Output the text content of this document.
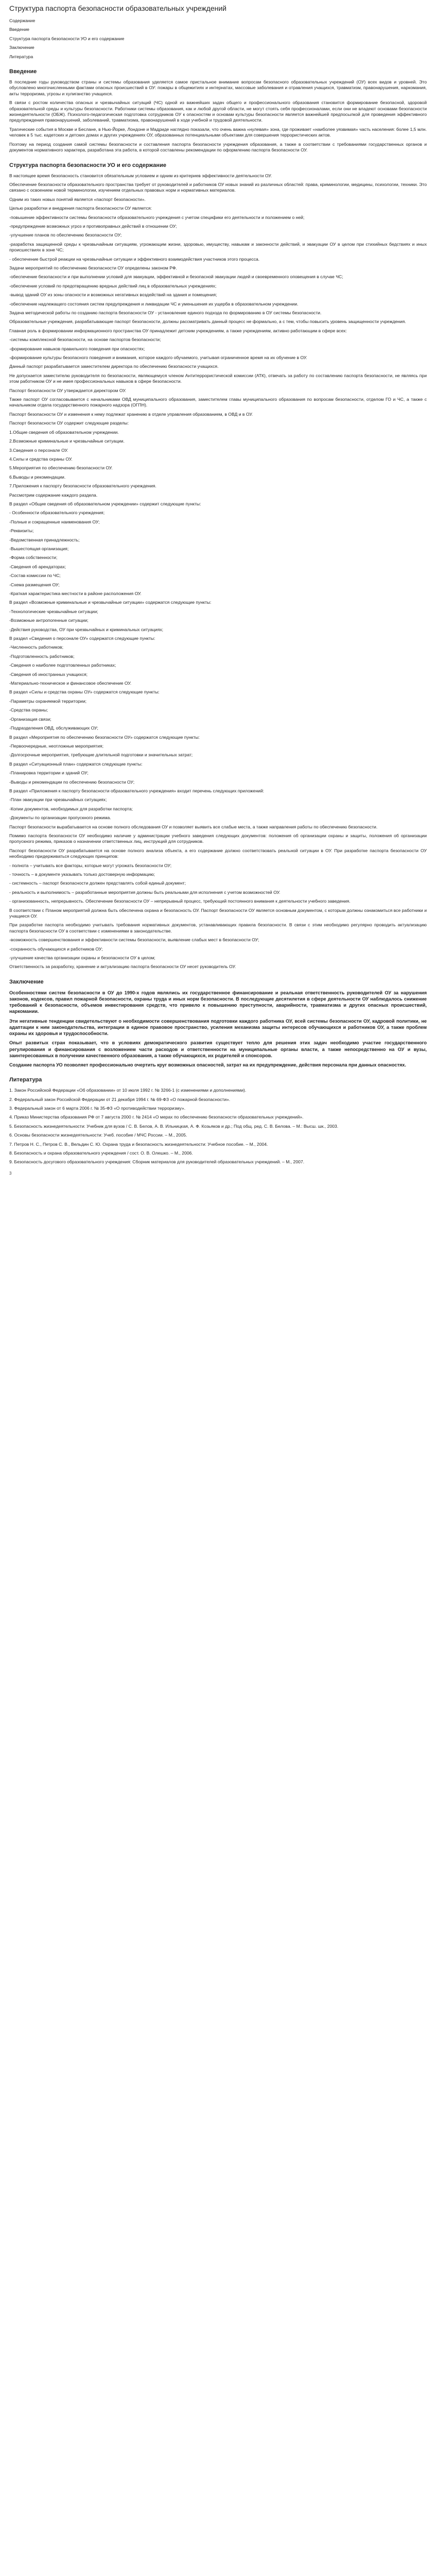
Структура паспорта безопасности образовательных учреждений

Содержание

Введение

Структура паспорта безопасности УО и его содержание

Заключение

Литература

Введение

В последние годы руководством страны и системы образования уделяется самое пристальное внимание вопросам безопасного образовательных учреждений (ОУ) всех видов и уровней. Это обусловлено многочисленными фактами опасных происшествий в ОУ: пожары в общежитиях и интернатах, массовые заболевания и отравления учащихся, травматизм, правонарушения, наркомания, акты терроризма, угрозы и хулиганство учащихся.

В связи с ростом количества опасных и чрезвычайных ситуаций (ЧС) одной из важнейших задач общего и профессионального образования становится формирование безопасной, здоровой образовательной среды и культуры безопасности. Работники системы образования, как и любой другой области, не могут стоять себя профессионалами, если они не владеют основами безопасности жизнедеятельности (ОБЖ). Психолого-педагогическая подготовка сотрудников ОУ к опасностям и основам культуры безопасности является важнейшей предпосылкой для проведения эффективного предупреждения правонарушений, заболеваний, травматизма, правонарушений в ходе учебной и трудовой деятельности.

Трагические события в Москве и Беслане, в Нью-Йорке, Лондоне и Мадриде наглядно показали, что очень важна «нулевая» зона, где проживает «наиболее уязвимая» часть населения: более 1,5 млн. человек в 5 тыс. кадетских и детских домах и других учреждениях ОУ, образованных потенциальными объектами для совершения террористических актов.

Поэтому на период создания самой системы безопасности и составления паспорта безопасности учреждения образования, а также в соответствии с требованиями государственных органов и документов нормативного характера, разработана эта работа, в которой составлены рекомендации по оформлению паспорта безопасности ОУ.

Структура паспорта безопасности УО и его содержание

В настоящее время безопасность становится обязательным условием и одним из критериев эффективности деятельности ОУ.

Обеспечение безопасности образовательного пространства требует от руководителей и работников ОУ новых знаний из различных областей: права, криминологии, медицины, психологии, техники. Это связано с освоением новой терминологии, изучением отдельных правовых норм и нормативных материалов.

Одним из таких новых понятий является «паспорт безопасности».

Целью разработки и внедрения паспорта безопасности ОУ является:

-повышение эффективности системы безопасности образовательного учреждения с учетом специфики его деятельности и положением о ней;

-предупреждение возможных угроз и противоправных действий в отношении ОУ;

-улучшение планов по обеспечению безопасности ОУ;

-разработка защищенной среды к чрезвычайным ситуациям, угрожающим жизни, здоровью, имуществу, навыкам и законности действий, и эвакуации ОУ в целом при стихийных бедствиях и иных происшествиях в зоне ЧС;

- обеспечение быстрой реакции на чрезвычайные ситуации и эффективного взаимодействия участников этого процесса.

Задачи мероприятий по обеспечению безопасности ОУ определены законом РФ.

-обеспечение безопасности и при выполнении условий для эвакуации, эффективной и безопасной эвакуации людей и своевременного оповещения в случае ЧС;

-обеспечение условий по предотвращению вредных действий лиц в образовательных учреждениях;

-вывод зданий ОУ из зоны опасности и возможных негативных воздействий на здания и помещения;

-обеспечение надлежащего состояния систем предупреждения и ликвидации ЧС и уменьшения их ущерба в образовательном учреждении.

Задача методической работы по созданию паспорта безопасности ОУ - установление единого подхода по формированию в ОУ системы безопасности.

Образовательные учреждения, разрабатывающие паспорт безопасности, должны рассматривать данный процесс не формально, а с тем, чтобы повысить уровень защищенности учреждения.

Главная роль в формировании информационного пространства ОУ принадлежит детским учреждениям, а также учреждениям, активно работающим в сфере всех:

-системы комплексной безопасности, на основе паспортов безопасности;

-формирование навыков правильного поведения при опасностях;

-формирование культуры безопасного поведения и внимания, которое каждого обучаемого, учитывая ограниченное время на их обучение в ОУ.

Данный паспорт разрабатывается заместителем директора по обеспечению безопасности учащихся.

Не допускается заместителю руководителя по безопасности, являющемуся членом Антитеррористической комиссии (АТК), отвечать за работу по составлению паспорта безопасности, не являясь при этом работником ОУ и не имея профессиональных навыков в сфере безопасности.

Паспорт безопасности ОУ утверждается директором ОУ.

Также паспорт ОУ согласовывается с начальниками ОВД муниципального образования, заместителем главы муниципального образования по вопросам безопасности, отделом ГО и ЧС, а также с начальником отдела государственного пожарного надзора (ОГПН).

Паспорт безопасности ОУ и изменения к нему подлежат хранению в отделе управления образованием, в ОВД и в ОУ.

Паспорт безопасности ОУ содержит следующие разделы:

1.Общие сведения об образовательном учреждении.

2.Возможные криминальные и чрезвычайные ситуации.

3.Сведения о персонале ОУ.

4.Силы и средства охраны ОУ.

5.Мероприятия по обеспечению безопасности ОУ.

6.Выводы и рекомендации.

7.Приложения к паспорту безопасности образовательного учреждения.

Рассмотрим содержание каждого раздела.

В раздел «Общие сведения об образовательном учреждении» содержит следующие пункты:

- Особенности образовательного учреждения;

-Полные и сокращенные наименования ОУ;

-Реквизиты;

-Ведомственная принадлежность;

-Вышестоящая организация;

-Форма собственности;

-Сведения об арендаторах;

-Состав комиссии по ЧС;

-Схема размещения ОУ;

-Краткая характеристика местности в районе расположения ОУ.

В раздел «Возможные криминальные и чрезвычайные ситуации» содержатся следующие пункты:

-Технологические чрезвычайные ситуации;

-Возможные антропогенные ситуации;

-Действия руководства, ОУ при чрезвычайных и криминальных ситуациях;

В раздел «Сведения о персонале ОУ» содержатся следующие пункты:

-Численность работников;

-Подготовленность работников;

-Сведения о наиболее подготовленных работниках;

-Сведения об иностранных учащихся;

-Материально-техническое и финансовое обеспечение ОУ.

В раздел «Силы и средства охраны ОУ» содержатся следующие пункты:

-Параметры охраняемой территории;

-Средства охраны;

-Организация связи;

-Подразделения ОВД, обслуживающих ОУ;

В раздел «Мероприятия по обеспечению безопасности ОУ» содержатся следующие пункты:

-Первоочередные, неотложные мероприятия;

-Долгосрочные мероприятия, требующие длительной подготовки и значительных затрат;

В раздел «Ситуационный план» содержатся следующие пункты:

-Планировка территории и зданий ОУ;

-Выводы и рекомендации по обеспечению безопасности ОУ;

В раздел «Приложения к паспорту безопасности образовательного учреждения» входит перечень следующих приложений:

-План эвакуации при чрезвычайных ситуациях;

-Копии документов, необходимых для разработки паспорта;

-Документы по организации пропускного режима.

Паспорт безопасности вырабатывается на основе полного обследования ОУ и позволяет выявить все слабые места, а также направления работы по обеспечению безопасности.

Помимо паспорта безопасности ОУ необходимо наличие у администрации учебного заведения следующих документов: положения об организации охраны и защиты, положения об организации пропускного режима, приказов о назначении ответственных лиц, инструкций для сотрудников.

Паспорт безопасности ОУ разрабатывается на основе полного анализа объекта, а его содержание должно соответствовать реальной ситуации в ОУ. При разработке паспорта безопасности ОУ необходимо придерживаться следующих принципов:

- полнота – учитывать все факторы, которые могут угрожать безопасности ОУ;

- точность – в документе указывать только достоверную информацию;

- системность – паспорт безопасности должен представлять собой единый документ;

- реальность и выполнимость – разработанные мероприятия должны быть реальными для исполнения с учетом возможностей ОУ.

- организованность, непрерывность. Обеспечение безопасности ОУ – непрерывный процесс, требующий постоянного внимания к деятельности учебного заведения.

В соответствии с Планом мероприятий должна быть обеспечена охрана и безопасность ОУ. Паспорт безопасности ОУ является основным документом, с которым должны ознакомиться все работники и учащиеся ОУ.

При разработке паспорта необходимо учитывать требования нормативных документов, устанавливающих правила безопасности. В связи с этим необходимо регулярно проводить актуализацию паспорта безопасности ОУ в соответствии с изменениями в законодательстве.

-возможность совершенствования и эффективности системы безопасности, выявление слабых мест в безопасности ОУ;

-сохранность обучающихся и работников ОУ;

-улучшение качества организации охраны и безопасности ОУ в целом;

Ответственность за разработку, хранение и актуализацию паспорта безопасности ОУ несет руководитель ОУ.

Заключение

Особенностями систем безопасности в ОУ до 1990-х годов являлись их государственное финансирование и реальная ответственность руководителей ОУ за нарушения законов, кодексов, правил пожарной безопасности, охраны труда и иных норм безопасности. В последующие десятилетия в сфере деятельности ОУ наблюдалось снижение требований к безопасности, объемов инвестирования средств, что привело к повышению преступности, аварийности, травматизма и других опасных происшествий, наркомании.

Эти негативные тенденции свидетельствуют о необходимости совершенствования подготовки каждого работника ОУ, всей системы безопасности ОУ, кадровой политики, не адаптации к ним законодательства, интеграции в единое правовое пространство, усиления механизма защиты интересов обучающихся и работников ОУ, а также проблем охраны их здоровья и трудоспособности.

Опыт развитых стран показывает, что в условиях демократического развития существует тепло для решения этих задач необходимо участие государственного регулирования и финансирования с возложением части расходов и ответственности на муниципальные органы власти, а также непосредственно на ОУ и вузы, заинтересованных в получении качественного образования, а также обучающихся, их родителей и спонсоров.

Создание паспорта УО позволяет профессионально очертить круг возможных опасностей, затрат на их предупреждение, действия персонала при данных опасностях.

Литература
1. Закон Российской Федерации «Об образовании» от 10 июля 1992 г. № 3266-1 (с изменениями и дополнениями).
2. Федеральный закон Российской Федерации от 21 декабря 1994 г. № 69-ФЗ «О пожарной безопасности».
3. Федеральный закон от 6 марта 2006 г. № 35-ФЗ «О противодействии терроризму».
4. Приказ Министерства образования РФ от 7 августа 2000 г. № 2414 «О мерах по обеспечению безопасности образовательных учреждений».
5. Безопасность жизнедеятельности: Учебник для вузов / С. В. Белов, А. В. Ильницкая, А. Ф. Козьяков и др.; Под общ. ред. С. В. Белова. – М.: Высш. шк., 2003.
6. Основы безопасности жизнедеятельности: Учеб. пособие / МЧС России. – М., 2005.
7. Петров Н. С., Петров С. В., Вельдин С. Ю. Охрана труда и безопасность жизнедеятельности: Учебное пособие. – М., 2004.
8. Безопасность и охрана образовательного учреждения / сост. О. В. Олешко. – М., 2006.
9. Безопасность досугового образовательного учреждения: Сборник материалов для руководителей образовательных учреждений. – М., 2007.
3
